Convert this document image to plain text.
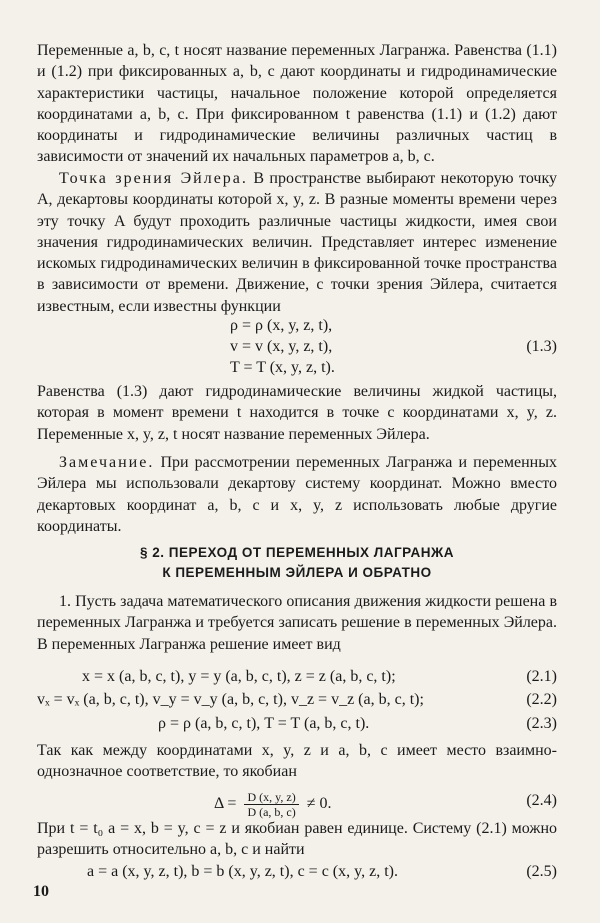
Переменные a, b, c, t носят название переменных Лагранжа. Равенства (1.1) и (1.2) при фиксированных a, b, c дают координаты и гидродинамические характеристики частицы, начальное положение которой определяется координатами a, b, c. При фиксированном t равенства (1.1) и (1.2) дают координаты и гидродинамические величины различных частиц в зависимости от значений их начальных параметров a, b, c.

Точка зрения Эйлера. В пространстве выбирают некоторую точку A, декартовы координаты которой x, y, z. В разные моменты времени через эту точку A будут проходить различные частицы жидкости, имея свои значения гидродинамических величин. Представляет интерес изменение искомых гидродинамических величин в фиксированной точке пространства в зависимости от времени. Движение, с точки зрения Эйлера, считается известным, если известны функции

ρ = ρ (x, y, z, t),
v = v (x, y, z, t),
T = T (x, y, z, t).
(1.3)

Равенства (1.3) дают гидродинамические величины жидкой частицы, которая в момент времени t находится в точке с координатами x, y, z. Переменные x, y, z, t носят название переменных Эйлера.

Замечание. При рассмотрении переменных Лагранжа и переменных Эйлера мы использовали декартову систему координат. Можно вместо декартовых координат a, b, c и x, y, z использовать любые другие координаты.

§ 2. ПЕРЕХОД ОТ ПЕРЕМЕННЫХ ЛАГРАНЖА
К ПЕРЕМЕННЫМ ЭЙЛЕРА И ОБРАТНО

1. Пусть задача математического описания движения жидкости решена в переменных Лагранжа и требуется записать решение в переменных Эйлера. В переменных Лагранжа решение имеет вид

x = x (a, b, c, t), y = y (a, b, c, t), z = z (a, b, c, t);	(2.1)
vₓ = vₓ (a, b, c, t), v_y = v_y (a, b, c, t), v_z = v_z (a, b, c, t);	(2.2)
ρ = ρ (a, b, c, t), T = T (a, b, c, t).	(2.3)

Так как между координатами x, y, z и a, b, c имеет место взаимно-однозначное соответствие, то якобиан

$\Delta = \frac{D (x, y, z)}{D (a, b, c)} \ne 0$.	(2.4)

При t = t₀ a = x, b = y, c = z и якобиан равен единице. Систему (2.1) можно разрешить относительно a, b, c и найти

a = a (x, y, z, t), b = b (x, y, z, t), c = c (x, y, z, t).	(2.5)
10
